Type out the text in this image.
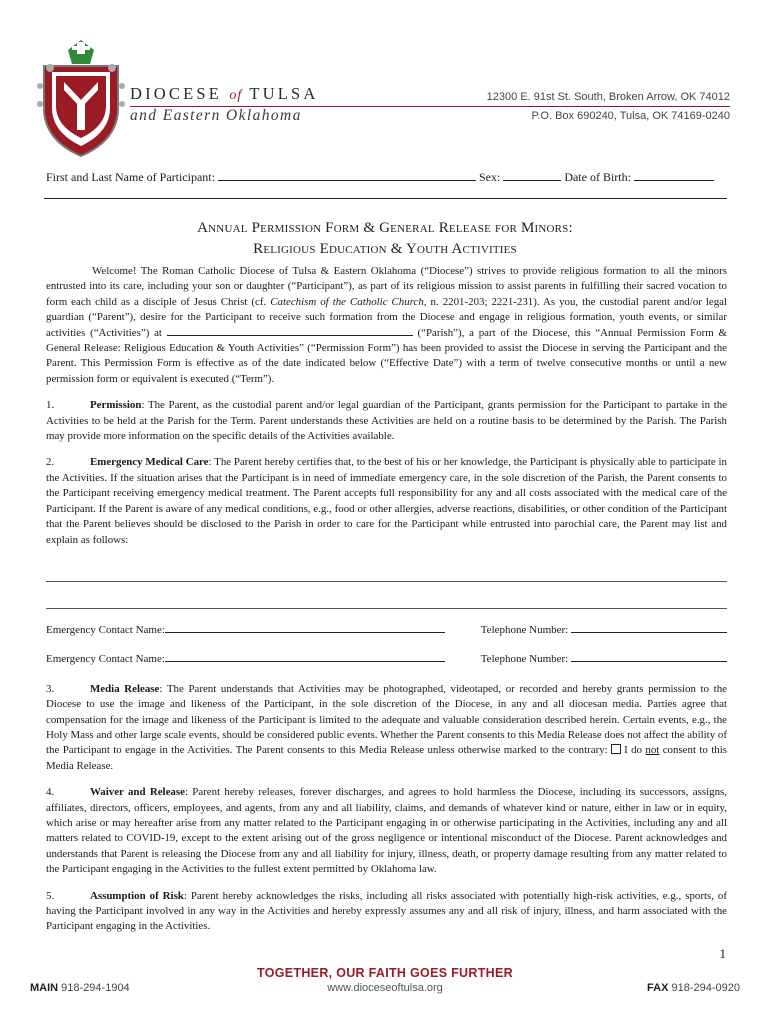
DIOCESE of TULSA
and Eastern Oklahoma
12300 E. 91st St. South, Broken Arrow, OK 74012
P.O. Box 690240, Tulsa, OK 74169-0240
First and Last Name of Participant:	Sex:	Date of Birth:
Annual Permission Form & General Release for Minors:
Religious Education & Youth Activities

Welcome! The Roman Catholic Diocese of Tulsa & Eastern Oklahoma (“Diocese”) strives to provide religious formation to all the minors entrusted into its care, including your son or daughter (“Participant”), as part of its religious mission to assist parents in fulfilling their sacred vocation to form each child as a disciple of Jesus Christ (cf. Catechism of the Catholic Church, n. 2201-203; 2221-231). As you, the custodial parent and/or legal guardian (“Parent”), desire for the Participant to receive such formation from the Diocese and engage in religious formation, youth events, or similar activities (“Activities”) at	(“Parish”), a part of the Diocese, this “Annual Permission Form & General Release: Religious Education & Youth Activities” (“Permission Form”) has been provided to assist the Diocese in serving the Participant and the Parent. This Permission Form is effective as of the date indicated below (“Effective Date”) with a term of twelve consecutive months or until a new permission form or equivalent is executed (“Term”).

1.	Permission: The Parent, as the custodial parent and/or legal guardian of the Participant, grants permission for the Participant to partake in the Activities to be held at the Parish for the Term. Parent understands these Activities are held on a routine basis to be determined by the Parish. The Parish may provide more information on the specific details of the Activities available.

2.	Emergency Medical Care: The Parent hereby certifies that, to the best of his or her knowledge, the Participant is physically able to participate in the Activities. If the situation arises that the Participant is in need of immediate emergency care, in the sole discretion of the Parish, the Parent consents to the Participant receiving emergency medical treatment. The Parent accepts full responsibility for any and all costs associated with the medical care of the Participant. If the Parent is aware of any medical conditions, e.g., food or other allergies, adverse reactions, disabilities, or other condition of the Participant that the Parent believes should be disclosed to the Parish in order to care for the Participant while entrusted into parochial care, the Parent may list and explain as follows:

Emergency Contact Name:	Telephone Number:
Emergency Contact Name:	Telephone Number:

3.	Media Release: The Parent understands that Activities may be photographed, videotaped, or recorded and hereby grants permission to the Diocese to use the image and likeness of the Participant, in the sole discretion of the Diocese, in any and all diocesan media. Parties agree that compensation for the image and likeness of the Participant is limited to the adequate and valuable consideration described herein. Certain events, e.g., the Holy Mass and other large scale events, should be considered public events. Whether the Parent consents to this Media Release does not affect the ability of the Participant to engage in the Activities. The Parent consents to this Media Release unless otherwise marked to the contrary: I do not consent to this Media Release.

4.	Waiver and Release: Parent hereby releases, forever discharges, and agrees to hold harmless the Diocese, including its successors, assigns, affiliates, directors, officers, employees, and agents, from any and all liability, claims, and demands of whatever kind or nature, either in law or in equity, which arise or may hereafter arise from any matter related to the Participant engaging in or otherwise participating in the Activities, including any and all matters related to COVID-19, except to the extent arising out of the gross negligence or intentional misconduct of the Diocese. Parent acknowledges and understands that Parent is releasing the Diocese from any and all liability for injury, illness, death, or property damage resulting from any matter related to the Participant engaging in the Activities to the fullest extent permitted by Oklahoma law.

5.	Assumption of Risk: Parent hereby acknowledges the risks, including all risks associated with potentially high-risk activities, e.g., sports, of having the Participant involved in any way in the Activities and hereby expressly assumes any and all risk of injury, illness, and harm associated with the Participant engaging in the Activities.

1
TOGETHER, OUR FAITH GOES FURTHER
MAIN 918-294-1904	www.dioceseoftulsa.org	FAX 918-294-0920
